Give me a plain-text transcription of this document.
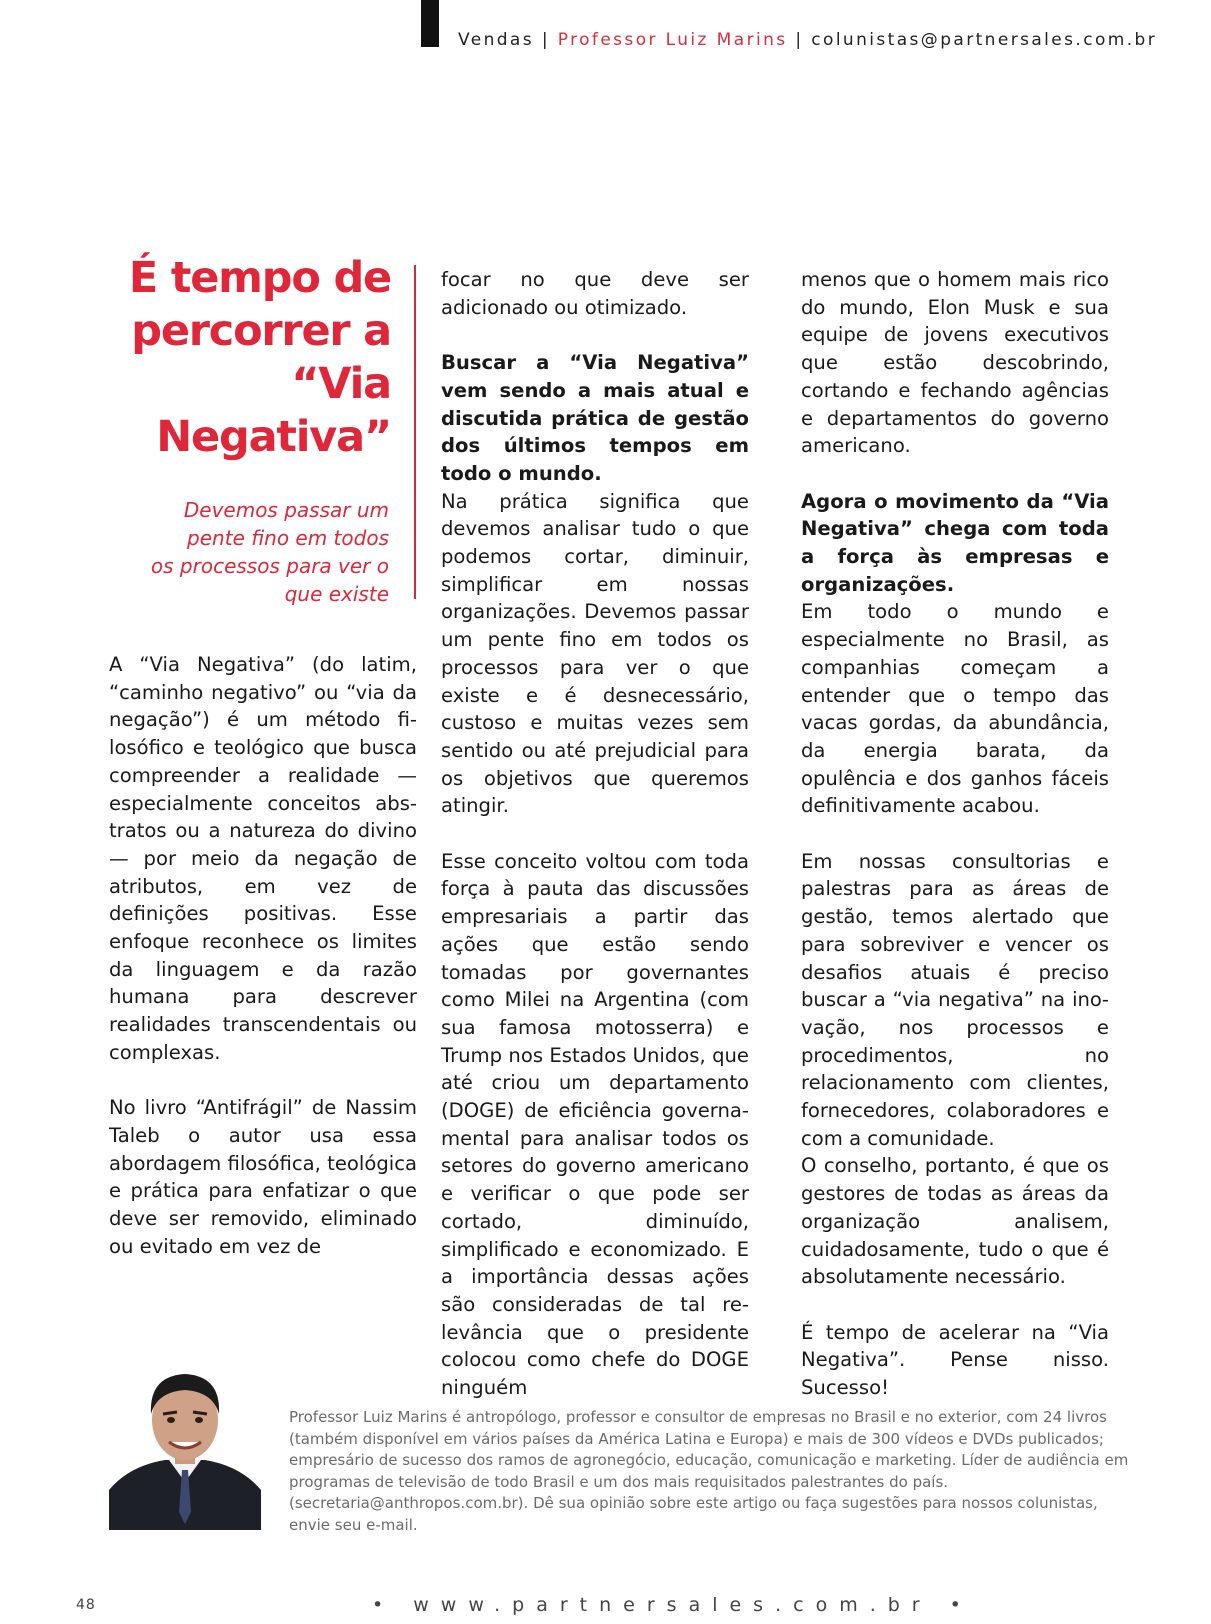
Vendas | Professor Luiz Marins | colunistas@partnersales.com.br
É tempo de
percorrer a
“Via Negativa”
Devemos passar um
pente fino em todos
os processos para ver o
que existe

A “Via Negativa” (do latim, “caminho negativo” ou “via da negação”) é um método filosófico e teológico que busca compreender a realidade — especialmente conceitos abstratos ou a natureza do divino — por meio da negação de atributos, em vez de definições positivas. Esse enfoque reconhece os limites da linguagem e da razão humana para descrever realidades transcendentais ou complexas.

No livro “Antifrágil” de Nassim Taleb o autor usa essa abordagem filosófica, teológica e prática para enfatizar o que deve ser removido, eliminado ou evitado em vez de

focar no que deve ser adicionado ou otimizado.

Buscar a “Via Negativa” vem sendo a mais atual e discutida prática de gestão dos últimos tempos em todo o mundo.

Na prática significa que devemos analisar tudo o que podemos cortar, diminuir, simplificar em nossas organizações. Devemos passar um pente fino em todos os processos para ver o que existe e é desnecessário, custoso e muitas vezes sem sentido ou até prejudicial para os objetivos que queremos atingir.

Esse conceito voltou com toda força à pauta das discussões empresariais a partir das ações que estão sendo tomadas por governantes como Milei na Argentina (com sua famosa motosserra) e Trump nos Estados Unidos, que até criou um departamento (DOGE) de eficiência governamental para analisar todos os setores do governo americano e verificar o que pode ser cortado, diminuído, simplificado e economizado. E a importância dessas ações são consideradas de tal relevância que o presidente colocou como chefe do DOGE ninguém

menos que o homem mais rico do mundo, Elon Musk e sua equipe de jovens executivos que estão descobrindo, cortando e fechando agências e departamentos do governo americano.

Agora o movimento da “Via Negativa” chega com toda a força às empresas e organizações.

Em todo o mundo e especialmente no Brasil, as companhias começam a entender que o tempo das vacas gordas, da abundância, da energia barata, da opulência e dos ganhos fáceis definitivamente acabou.

Em nossas consultorias e palestras para as áreas de gestão, temos alertado que para sobreviver e vencer os desafios atuais é preciso buscar a “via negativa” na inovação, nos processos e procedimentos, no relacionamento com clientes, fornecedores, colaboradores e com a comunidade.

O conselho, portanto, é que os gestores de todas as áreas da organização analisem, cuidadosamente, tudo o que é absolutamente necessário.

É tempo de acelerar na “Via Negativa”. Pense nisso. Sucesso!

Professor Luiz Marins é antropólogo, professor e consultor de empresas no Brasil e no exterior, com 24 livros (também disponível em vários países da América Latina e Europa) e mais de 300 vídeos e DVDs publicados; empresário de sucesso dos ramos de agronegócio, educação, comunicação e marketing. Líder de audiência em programas de televisão de todo Brasil e um dos mais requisitados palestrantes do país. (secretaria@anthropos.com.br). Dê sua opinião sobre este artigo ou faça sugestões para nossos colunistas, envie seu e-mail.
48	• www.partnersales.com.br •
